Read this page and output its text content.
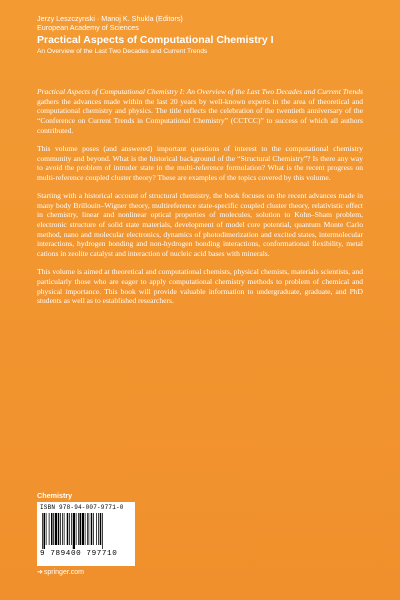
Jerzy Leszczynski · Manoj K. Shukla (Editors)
European Academy of Sciences
Practical Aspects of Computational Chemistry I
An Overview of the Last Two Decades and Current Trends

Practical Aspects of Computational Chemistry I: An Overview of the Last Two Decades and Current Trends gathers the advances made within the last 20 years by well-known experts in the area of theoretical and computational chemistry and physics. The title reflects the celebration of the twentieth anniversary of the “Conference on Current Trends in Computational Chemistry” (CCTCC)” to success of which all authors contributed.

This volume poses (and answered) important questions of interest to the computational chemistry community and beyond. What is the historical background of the “Structural Chemistry”? Is there any way to avoid the problem of intruder state in the multi-reference formulation? What is the recent progress on multi-reference coupled cluster theory? These are examples of the topics covered by this volume.

Starting with a historical account of structural chemistry, the book focuses on the recent advances made in many body Brillouin–Wigner theory, multireference state-specific coupled cluster theory, relativistic effect in chemistry, linear and nonlinear optical properties of molecules, solution to Kohn–Sham problem, electronic structure of solid state materials, development of model core potential, quantum Monte Carlo method, nano and molecular electronics, dynamics of photodimerization and excited states, intermolecular interactions, hydrogen bonding and non-hydrogen bonding interactions, conformational flexibility, metal cations in zeolite catalyst and interaction of nucleic acid bases with minerals.

This volume is aimed at theoretical and computational chemists, physical chemists, materials scientists, and particularly those who are eager to apply computational chemistry methods to problem of chemical and physical importance. This book will provide valuable information to undergraduate, graduate, and PhD students as well as to established researchers.

Chemistry
ISBN 978-94-007-9771-0
9 789400 797710
➜springer.com
